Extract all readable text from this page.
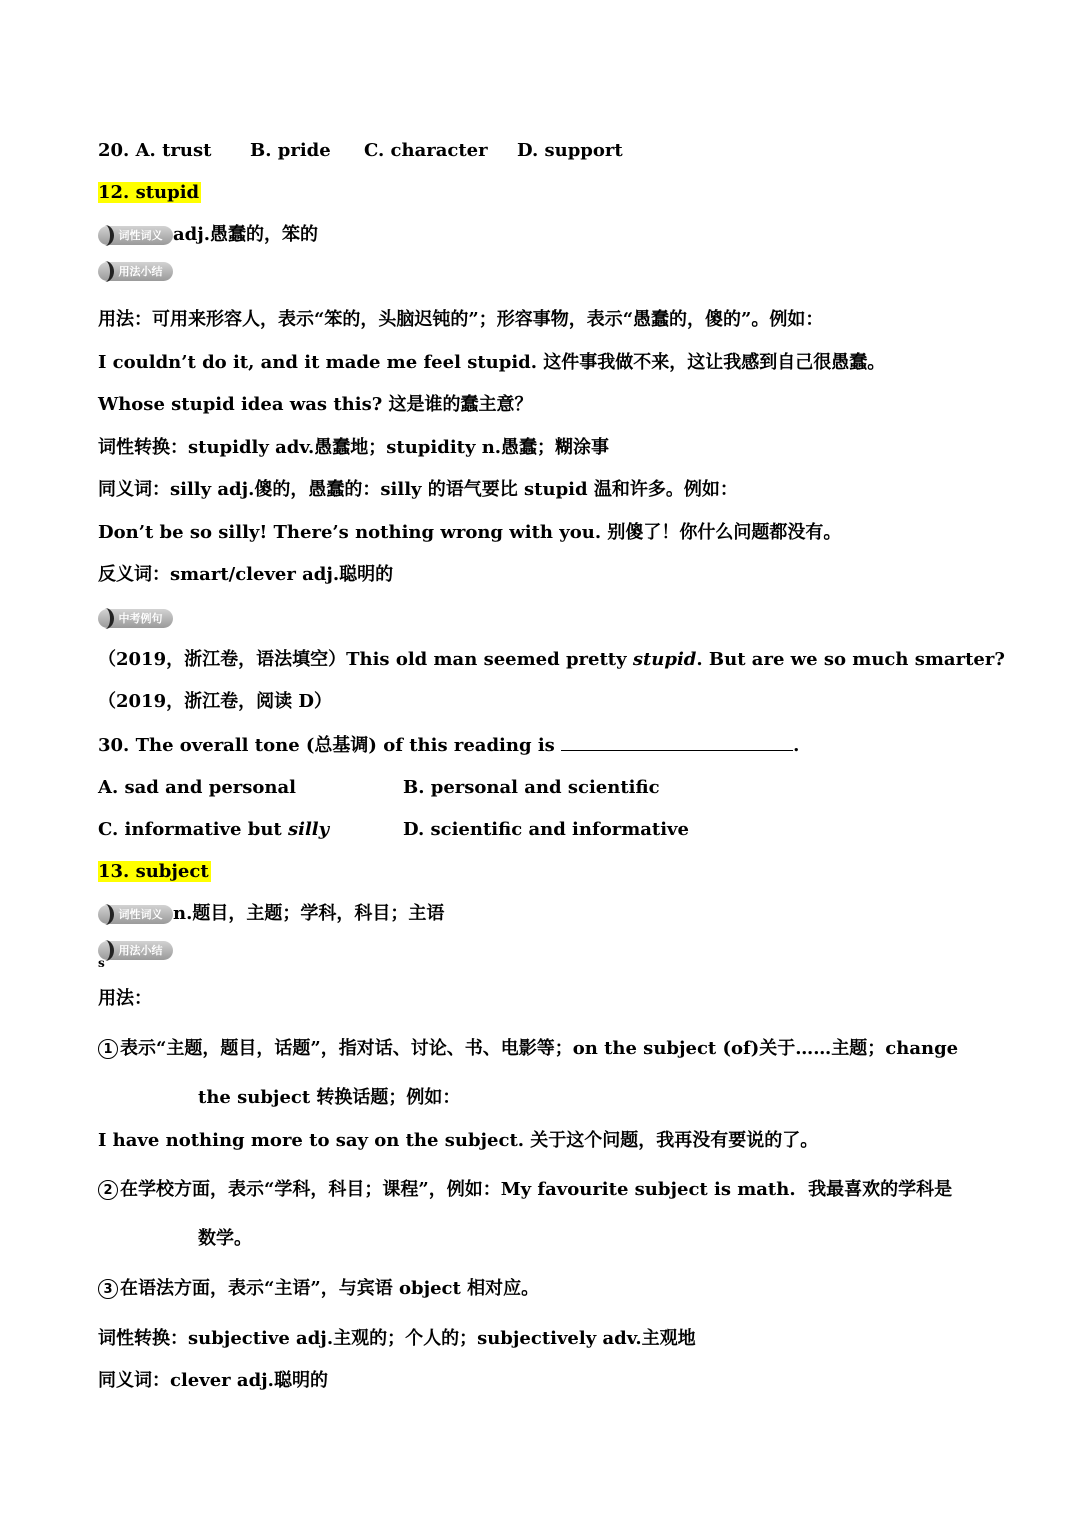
20. A. trust B. pride C. character D. support
12. stupid
词性词义 adj.愚蠢的，笨的
用法小结
用法：可用来形容人，表示“笨的，头脑迟钝的”；形容事物，表示“愚蠢的，傻的”。例如：
I couldn’t do it, and it made me feel stupid. 这件事我做不来，这让我感到自己很愚蠢。
Whose stupid idea was this? 这是谁的蠢主意？
词性转换：stupidly adv.愚蠢地；stupidity n.愚蠢；糊涂事
同义词：silly adj.傻的，愚蠢的：silly 的语气要比 stupid 温和许多。例如：
Don’t be so silly! There’s nothing wrong with you. 别傻了！你什么问题都没有。
反义词：smart/clever adj.聪明的
中考例句
（2019，浙江卷，语法填空）This old man seemed pretty stupid. But are we so much smarter?
（2019，浙江卷，阅读 D）
30. The overall tone (总基调) of this reading is	.
A. sad and personal	B. personal and scientific
C. informative but silly	D. scientific and informative
13. subject
词性词义 n.题目，主题；学科，科目；主语
用法小结
s
用法：
1 表示“主题，题目，话题”，指对话、讨论、书、电影等；on the subject (of)关于……主题；change
the subject 转换话题；例如：
I have nothing more to say on the subject. 关于这个问题，我再没有要说的了。
2 在学校方面，表示“学科，科目；课程”，例如：My favourite subject is math.  我最喜欢的学科是
数学。
3 在语法方面，表示“主语”，与宾语 object 相对应。
词性转换：subjective adj.主观的；个人的；subjectively adv.主观地
同义词：clever adj.聪明的
